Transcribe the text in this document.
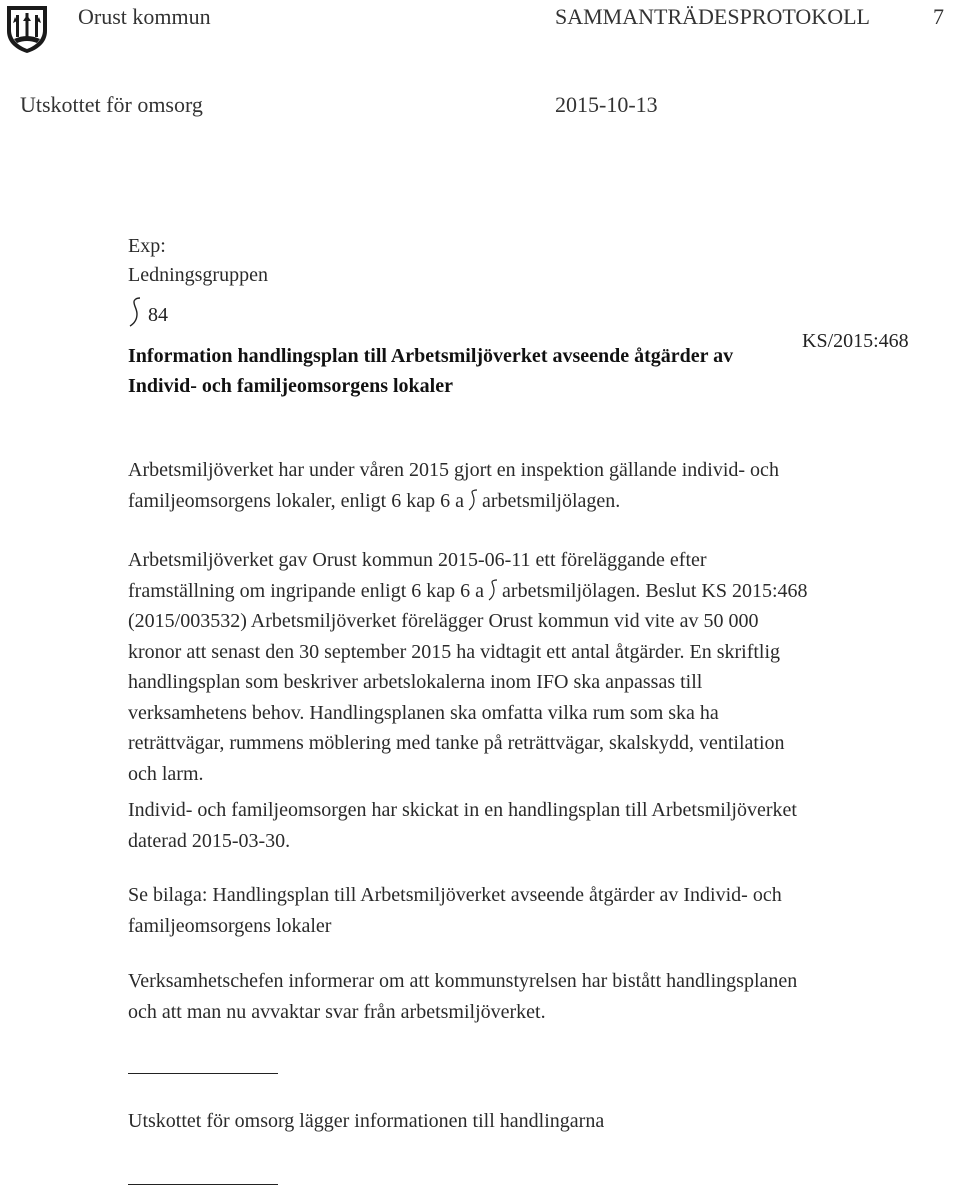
Orust kommun	SAMMANTRÄDESPROTOKOLL	7
Utskottet för omsorg	2015-10-13
Exp:
Ledningsgruppen
84
KS/2015:468

Information handlingsplan till Arbetsmiljöverket avseende åtgärder av

Individ- och familjeomsorgens lokaler

Arbetsmiljöverket har under våren 2015 gjort en inspektion gällande individ- och

familjeomsorgens lokaler, enligt 6 kap 6 a arbetsmiljölagen.

Arbetsmiljöverket gav Orust kommun 2015-06-11 ett föreläggande efter

framställning om ingripande enligt 6 kap 6 a arbetsmiljölagen. Beslut KS 2015:468

(2015/003532) Arbetsmiljöverket förelägger Orust kommun vid vite av 50 000

kronor att senast den 30 september 2015 ha vidtagit ett antal åtgärder. En skriftlig

handlingsplan som beskriver arbetslokalerna inom IFO ska anpassas till

verksamhetens behov. Handlingsplanen ska omfatta vilka rum som ska ha

reträttvägar, rummens möblering med tanke på reträttvägar, skalskydd, ventilation

och larm.

Individ- och familjeomsorgen har skickat in en handlingsplan till Arbetsmiljöverket

daterad 2015-03-30.

Se bilaga: Handlingsplan till Arbetsmiljöverket avseende åtgärder av Individ- och

familjeomsorgens lokaler

Verksamhetschefen informerar om att kommunstyrelsen har bistått handlingsplanen

och att man nu avvaktar svar från arbetsmiljöverket.

Utskottet för omsorg lägger informationen till handlingarna
